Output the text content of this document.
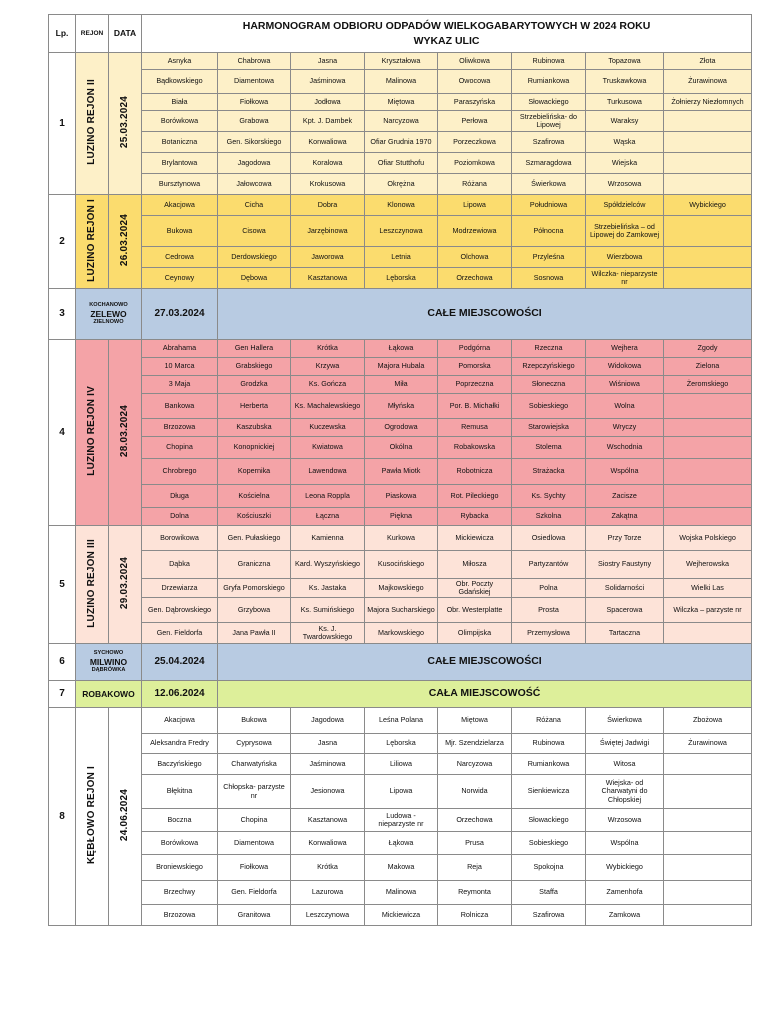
Lp.	REJON	DATA	HARMONOGRAM ODBIORU ODPADÓW WIELKOGABARYTOWYCH W 2024 ROKU
WYKAZ ULIC							

1	LUZINO REJON II	25.03.2024	Asnyka	Chabrowa	Jasna	Kryształowa	Oliwkowa	Rubinowa	Topazowa	Złota
			Bądkowskiego	Diamentowa	Jaśminowa	Malinowa	Owocowa	Rumiankowa	Truskawkowa	Żurawinowa
			Biała	Fiołkowa	Jodłowa	Miętowa	Paraszyńska	Słowackiego	Turkusowa	Żołnierzy Niezłomnych
			Borówkowa	Grabowa	Kpt. J. Dambek	Narcyzowa	Perłowa	Strzebielińska- do Lipowej	Waraksy	
			Botaniczna	Gen. Sikorskiego	Konwaliowa	Ofiar Grudnia 1970	Porzeczkowa	Szafirowa	Wąska	
			Brylantowa	Jagodowa	Koralowa	Ofiar Stutthofu	Poziomkowa	Szmaragdowa	Wiejska	
			Bursztynowa	Jałowcowa	Krokusowa	Okrężna	Różana	Świerkowa	Wrzosowa	
2	LUZINO REJON I	26.03.2024	Akacjowa	Cicha	Dobra	Klonowa	Lipowa	Południowa	Spółdzielców	Wybickiego
			Bukowa	Cisowa	Jarzębinowa	Leszczynowa	Modrzewiowa	Północna	Strzebielińska – od Lipowej do Zamkowej	
			Cedrowa	Derdowskiego	Jaworowa	Letnia	Olchowa	Przyleśna	Wierzbowa	
			Ceynowy	Dębowa	Kasztanowa	Lęborska	Orzechowa	Sosnowa	Wilczka- nieparzyste nr	
3	KOCHANOWO
ZELEWO
ZIELNOWO		27.03.2024	CAŁE MIEJSCOWOŚCI						
4	LUZINO REJON IV	28.03.2024	Abrahama	Gen Hallera	Krótka	Łąkowa	Podgórna	Rzeczna	Wejhera	Zgody
			10 Marca	Grabskiego	Krzywa	Majora Hubala	Pomorska	Rzepczyńskiego	Widokowa	Zielona
			3 Maja	Grodzka	Ks. Gończa	Miła	Poprzeczna	Słoneczna	Wiśniowa	Żeromskiego
			Bankowa	Herberta	Ks. Machalewskiego	Młyńska	Por. B. Michałki	Sobieskiego	Wolna	
			Brzozowa	Kaszubska	Kuczewska	Ogrodowa	Remusa	Starowiejska	Wryczy	
			Chopina	Konopnickiej	Kwiatowa	Okólna	Robakowska	Stolema	Wschodnia	
			Chrobrego	Kopernika	Lawendowa	Pawła Miotk	Robotnicza	Strażacka	Wspólna	
			Długa	Kościelna	Leona Roppla	Piaskowa	Rot. Pileckiego	Ks. Sychty	Zacisze	
			Dolna	Kościuszki	Łączna	Piękna	Rybacka	Szkolna	Zakątna	
5	LUZINO REJON III	29.03.2024	Borowikowa	Gen. Pułaskiego	Kamienna	Kurkowa	Mickiewicza	Osiedlowa	Przy Torze	Wojska Polskiego
			Dąbka	Graniczna	Kard. Wyszyńskiego	Kusocińskiego	Miłosza	Partyzantów	Siostry Faustyny	Wejherowska
			Drzewiarza	Gryfa Pomorskiego	Ks. Jastaka	Majkowskiego	Obr. Poczty Gdańskiej	Polna	Solidarności	Wielki Las
			Gen. Dąbrowskiego	Grzybowa	Ks. Sumińskiego	Majora Sucharskiego	Obr. Westerplatte	Prosta	Spacerowa	Wilczka – parzyste nr
			Gen. Fieldorfa	Jana Pawła II	Ks. J. Twardowskiego	Markowskiego	Olimpijska	Przemysłowa	Tartaczna	
6	SYCHOWO
MILWINO
DĄBRÓWKA		25.04.2024	CAŁE MIEJSCOWOŚCI						
7	ROBAKOWO		12.06.2024	CAŁA MIEJSCOWOŚĆ						
8	KĘBŁOWO REJON I	24.06.2024	Akacjowa	Bukowa	Jagodowa	Leśna Polana	Miętowa	Różana	Świerkowa	Zbożowa
			Aleksandra Fredry	Cyprysowa	Jasna	Lęborska	Mjr. Szendzielarza	Rubinowa	Świętej Jadwigi	Żurawinowa
			Baczyńskiego	Charwatyńska	Jaśminowa	Liliowa	Narcyzowa	Rumiankowa	Witosa	
			Błękitna	Chłopska- parzyste nr	Jesionowa	Lipowa	Norwida	Sienkiewicza	Wiejska- od Charwatyni do Chłopskiej	
			Boczna	Chopina	Kasztanowa	Ludowa - nieparzyste nr	Orzechowa	Słowackiego	Wrzosowa	
			Borówkowa	Diamentowa	Konwaliowa	Łąkowa	Prusa	Sobieskiego	Wspólna	
			Broniewskiego	Fiołkowa	Krótka	Makowa	Reja	Spokojna	Wybickiego	
			Brzechwy	Gen. Fieldorfa	Lazurowa	Malinowa	Reymonta	Staffa	Zamenhofa	
			Brzozowa	Granitowa	Leszczynowa	Mickiewicza	Rolnicza	Szafirowa	Zamkowa	
